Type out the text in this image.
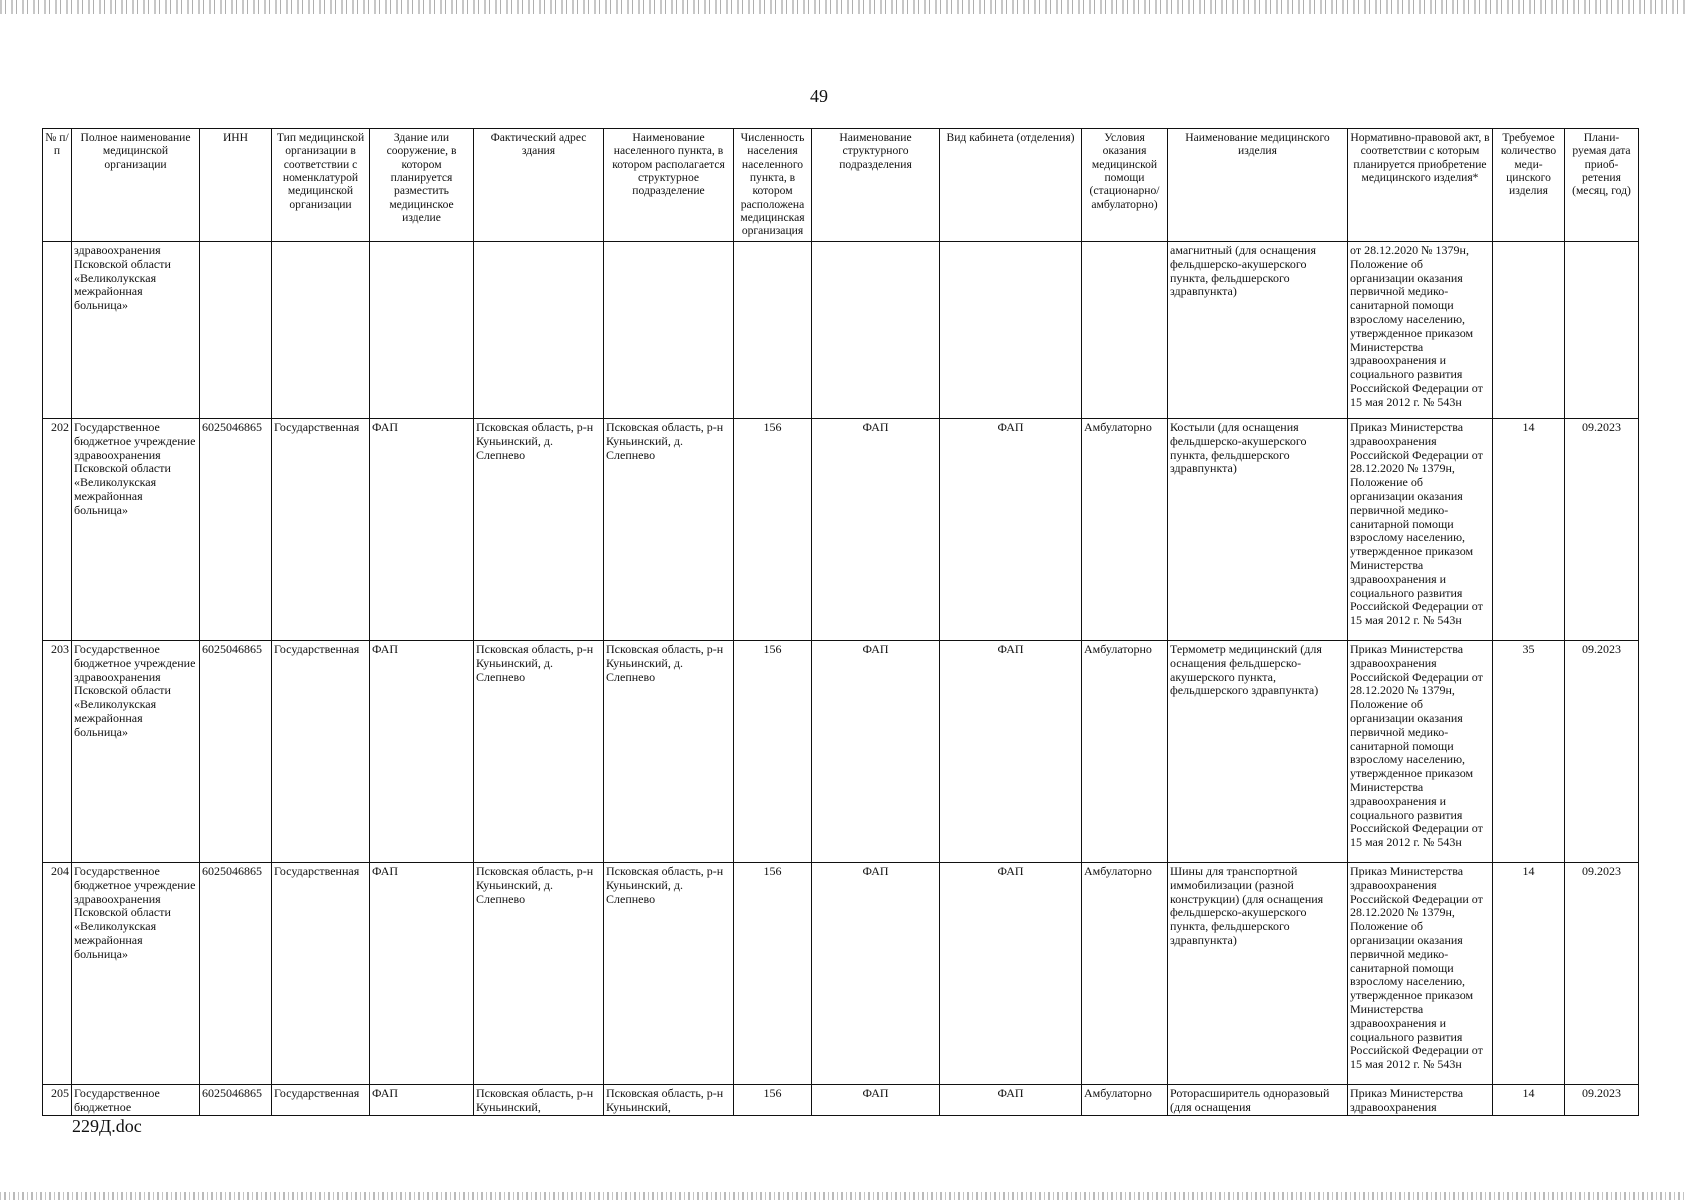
49
№ п/п	Полное наименование медицинской организации	ИНН	Тип медицинской организации в соответствии с номенклатурой медицинской организации	Здание или сооружение, в котором планируется разместить медицинское изделие	Фактический адрес здания	Наименование населенного пункта, в котором располагается структурное подразделение	Численность населения населенного пункта, в котором расположена медицинская организация	Наименование структурного подразделения	Вид кабинета (отделения)	Условия оказания медицинской помощи (стационарно/ амбулаторно)	Наименование медицинского изделия	Нормативно-правовой акт, в соответствии с которым планируется приобретение медицинского изделия*	Требуемое количество меди-цинского изделия	Плани-руемая дата приоб-ретения (месяц, год)
	здравоохранения Псковской области «Великолукская межрайонная больница»										амагнитный (для оснащения фельдшерско-акушерского пункта, фельдшерского здравпункта)	от 28.12.2020 № 1379н, Положение об организации оказания первичной медико-санитарной помощи взрослому населению, утвержденное приказом Министерства здравоохранения и социального развития Российской Федерации от 15 мая 2012 г. № 543н		
202	Государственное бюджетное учреждение здравоохранения Псковской области «Великолукская межрайонная больница»	6025046865	Государственная	ФАП	Псковская область, р-н Куньинский, д. Слепнево	Псковская область, р-н Куньинский, д. Слепнево	156	ФАП	ФАП	Амбулаторно	Костыли (для оснащения фельдшерско-акушерского пункта, фельдшерского здравпункта)	Приказ Министерства здравоохранения Российской Федерации от 28.12.2020 № 1379н, Положение об организации оказания первичной медико-санитарной помощи взрослому населению, утвержденное приказом Министерства здравоохранения и социального развития Российской Федерации от 15 мая 2012 г. № 543н	14	09.2023
203	Государственное бюджетное учреждение здравоохранения Псковской области «Великолукская межрайонная больница»	6025046865	Государственная	ФАП	Псковская область, р-н Куньинский, д. Слепнево	Псковская область, р-н Куньинский, д. Слепнево	156	ФАП	ФАП	Амбулаторно	Термометр медицинский (для оснащения фельдшерско-акушерского пункта, фельдшерского здравпункта)	Приказ Министерства здравоохранения Российской Федерации от 28.12.2020 № 1379н, Положение об организации оказания первичной медико-санитарной помощи взрослому населению, утвержденное приказом Министерства здравоохранения и социального развития Российской Федерации от 15 мая 2012 г. № 543н	35	09.2023
204	Государственное бюджетное учреждение здравоохранения Псковской области «Великолукская межрайонная больница»	6025046865	Государственная	ФАП	Псковская область, р-н Куньинский, д. Слепнево	Псковская область, р-н Куньинский, д. Слепнево	156	ФАП	ФАП	Амбулаторно	Шины для транспортной иммобилизации (разной конструкции) (для оснащения фельдшерско-акушерского пункта, фельдшерского здравпункта)	Приказ Министерства здравоохранения Российской Федерации от 28.12.2020 № 1379н, Положение об организации оказания первичной медико-санитарной помощи взрослому населению, утвержденное приказом Министерства здравоохранения и социального развития Российской Федерации от 15 мая 2012 г. № 543н	14	09.2023
205	Государственное бюджетное	6025046865	Государственная	ФАП	Псковская область, р-н Куньинский,	Псковская область, р-н Куньинский,	156	ФАП	ФАП	Амбулаторно	Роторасширитель одноразовый (для оснащения	Приказ Министерства здравоохранения	14	09.2023
229Д.doc
